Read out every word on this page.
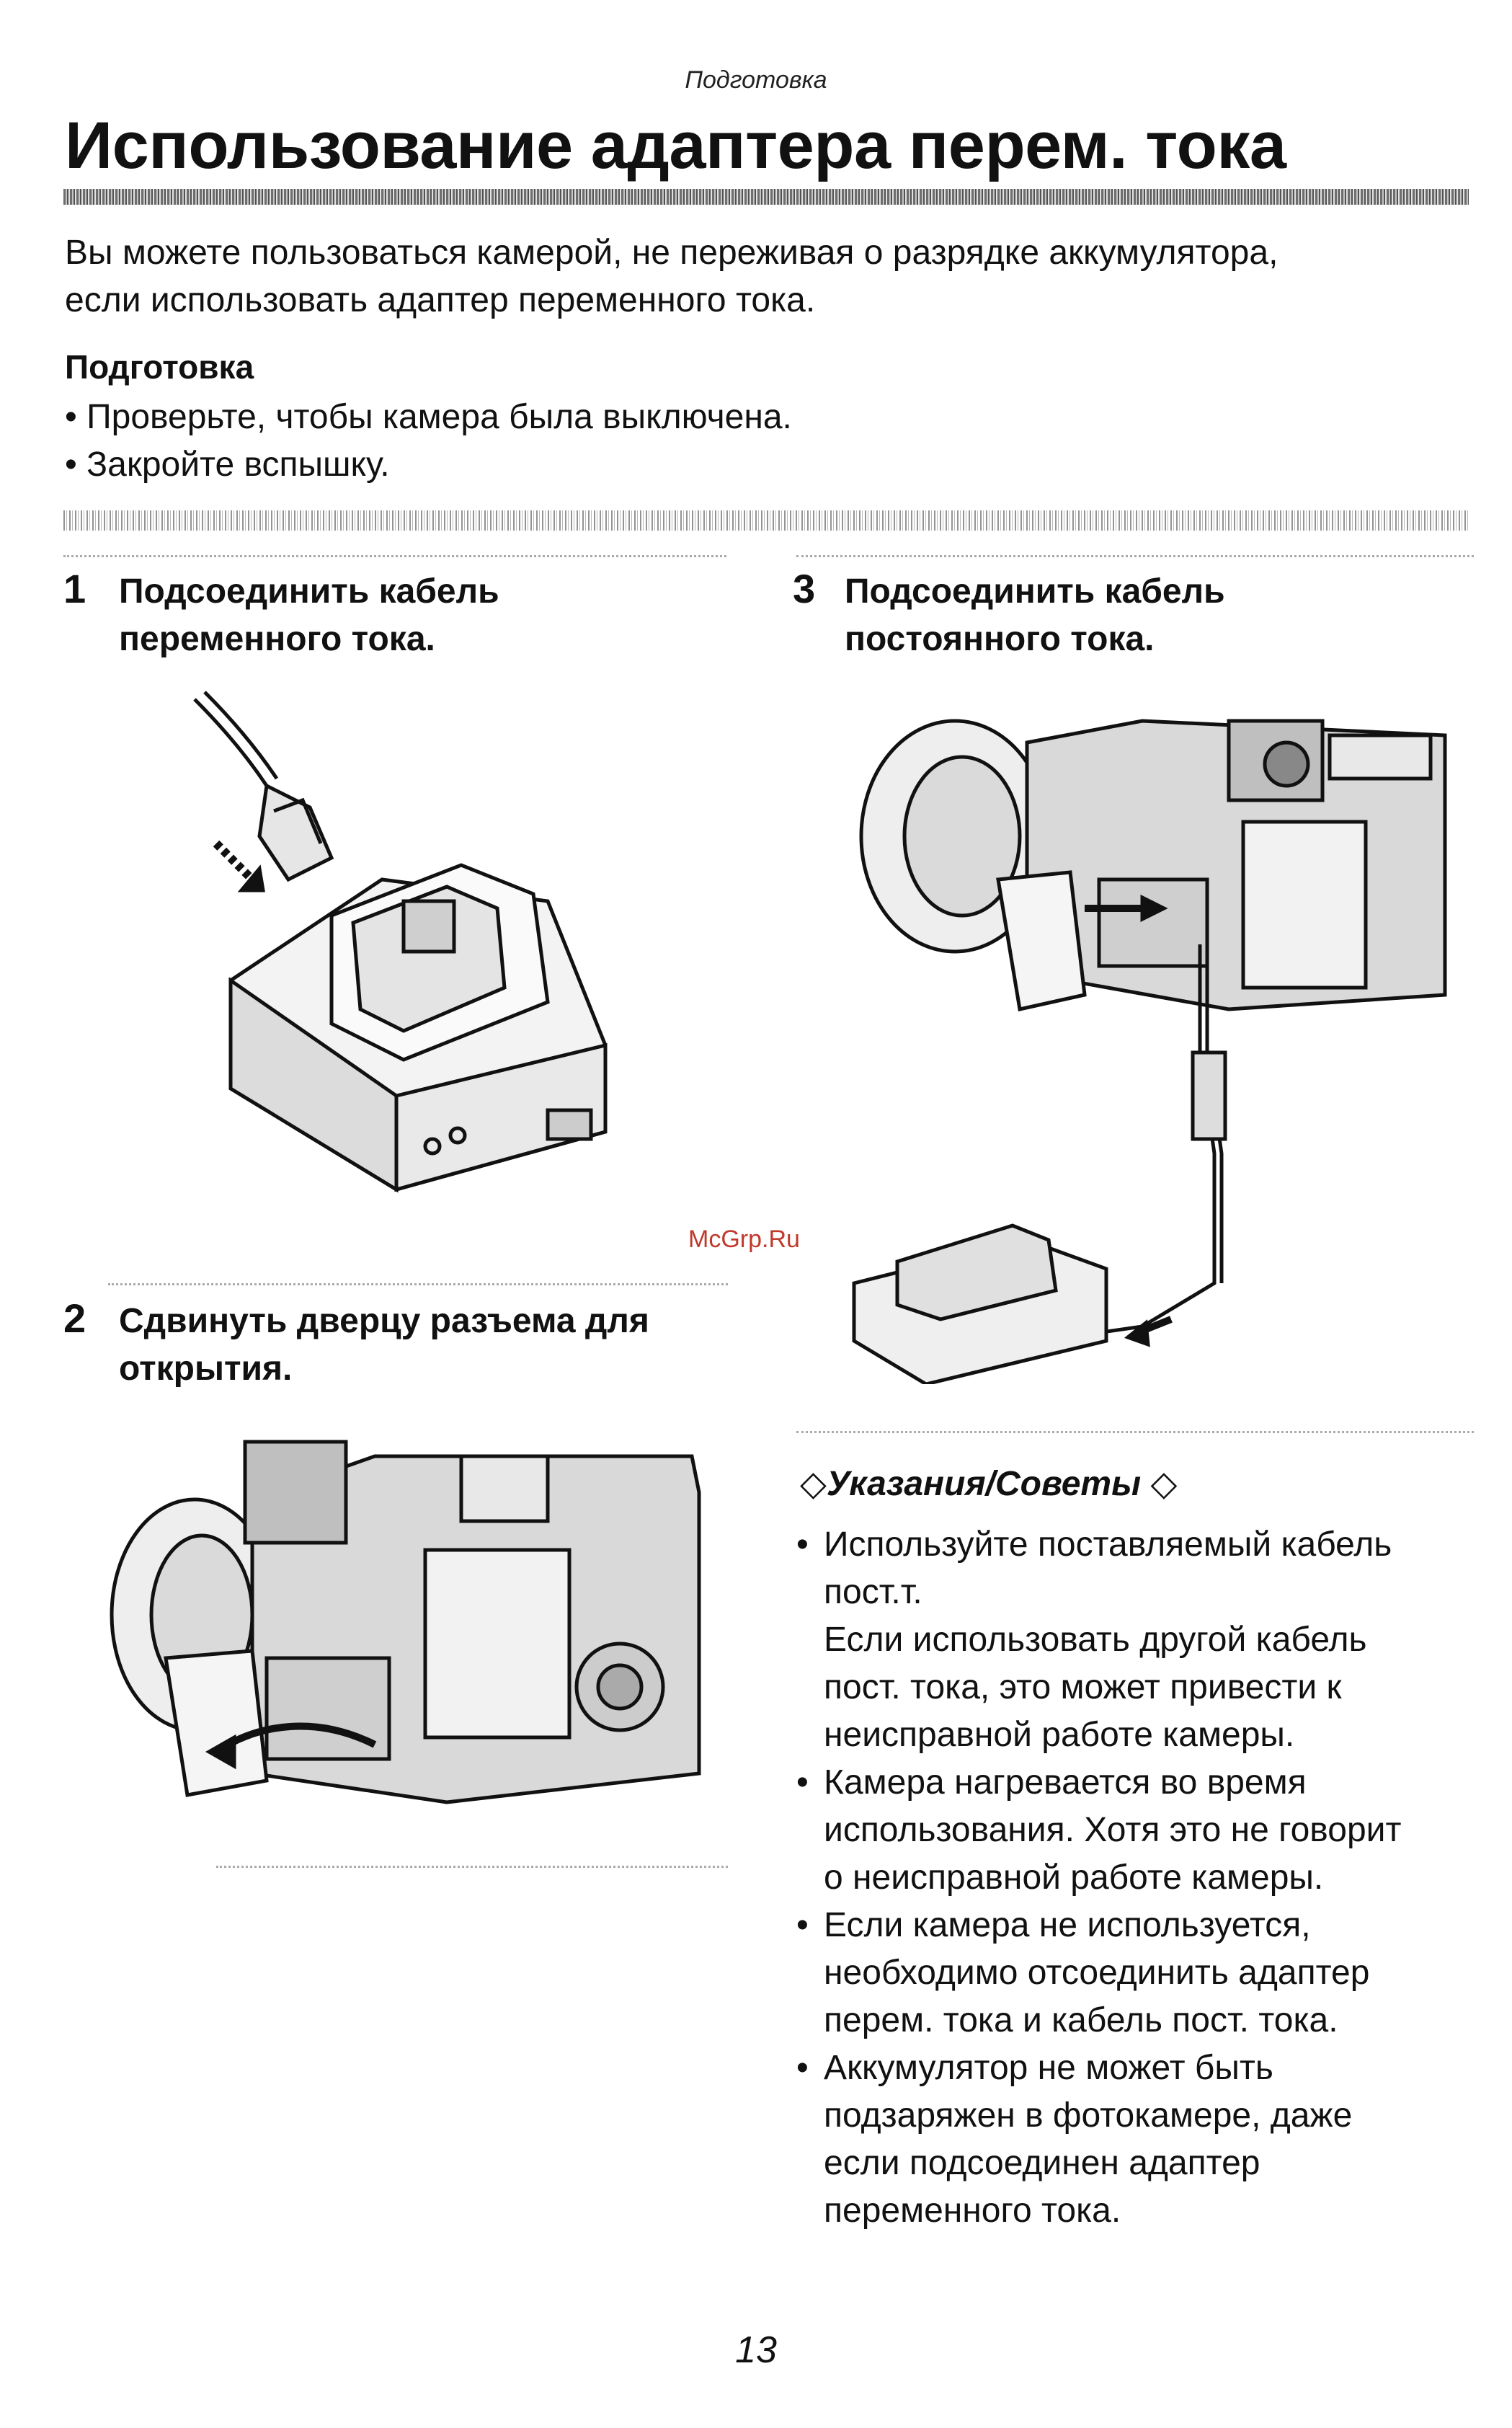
Подготовка
Использование адаптера перем. тока
Вы можете пользоваться камерой, не переживая о разрядке аккумулятора,
если использовать адаптер переменного тока.
Подготовка
• Проверьте, чтобы камера была выключена.
• Закройте вспышку.
1 Подсоединить кабель
переменного тока.
3 Подсоединить кабель
постоянного тока.
2 Сдвинуть дверцу разъема для
открытия.
◇Указания/Советы ◇

• Используйте поставляемый кабель
пост.т.

Если использовать другой кабель
пост. тока, это может привести к
неисправной работе камеры.

• Камера нагревается во время
использования. Хотя это не говорит
о неисправной работе камеры.

• Если камера не используется,
необходимо отсоединить адаптер
перем. тока и кабель пост. тока.

• Аккумулятор не может быть
подзаряжен в фотокамере, даже
если подсоединен адаптер
переменного тока.

McGrp.Ru
13
